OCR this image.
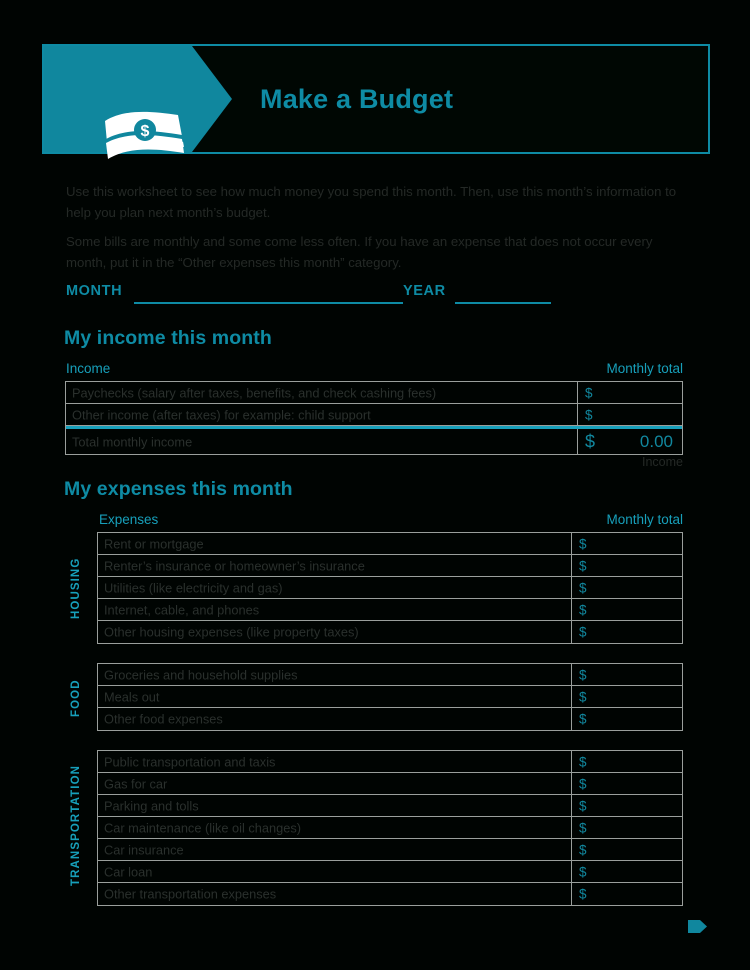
$
Make a Budget
Use this worksheet to see how much money you spend this month. Then, use this month’s information to help you plan next month’s budget.
Some bills are monthly and some come less often. If you have an expense that does not occur every month, put it in the “Other expenses this month” category.
MONTH	YEAR
My income this month
Income	Monthly total
Paychecks (salary after taxes, benefits, and check cashing fees)	$
Other income (after taxes) for example: child support	$
Total monthly income	$	0.00
Income
My expenses this month
Expenses	Monthly total
HOUSING
Rent or mortgage	$
Renter’s insurance or homeowner’s insurance	$
Utilities (like electricity and gas)	$
Internet, cable, and phones	$
Other housing expenses (like property taxes)	$
FOOD
Groceries and household supplies	$
Meals out	$
Other food expenses	$
TRANSPORTATION
Public transportation and taxis	$
Gas for car	$
Parking and tolls	$
Car maintenance (like oil changes)	$
Car insurance	$
Car loan	$
Other transportation expenses	$
